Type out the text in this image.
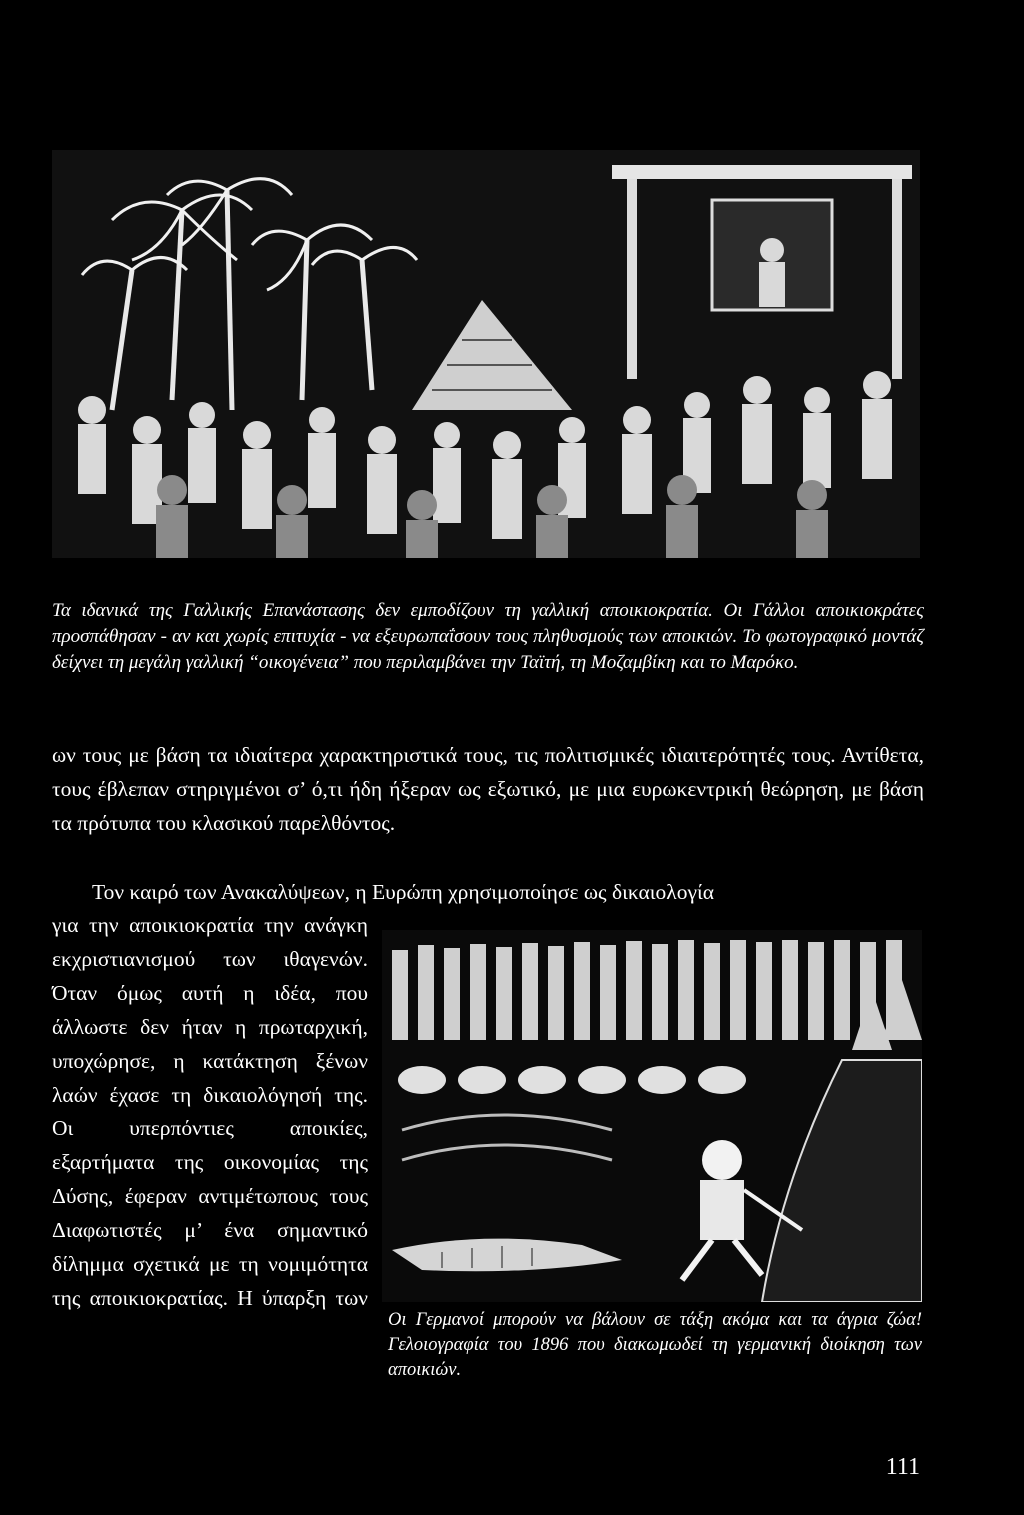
Τα ιδανικά της Γαλλικής Επανάστασης δεν εμποδίζουν τη γαλλική αποικιοκρατία. Οι Γάλλοι αποικιοκράτες προσπάθησαν - αν και χωρίς επιτυχία - να εξευρωπαΐσουν τους πληθυσμούς των αποικιών. Το φωτογραφικό μοντάζ δείχνει τη μεγάλη γαλλική “οικογένεια” που περιλαμβάνει την Ταϊτή, τη Μοζαμβίκη και το Μαρόκο.

ων τους με βάση τα ιδιαίτερα χαρακτηριστικά τους, τις πολιτισμικές ιδιαιτερότητές τους. Αντίθετα, τους έβλεπαν στηριγμένοι σ’ ό,τι ήδη ήξεραν ως εξωτικό, με μια ευρωκεντρική θεώρηση, με βάση τα πρότυπα του κλασικού παρελθόντος.

Τον καιρό των Ανακαλύψεων, η Ευρώπη χρησιμοποίησε ως δικαιολογία

για την αποικιοκρατία την ανάγκη εκχριστιανισμού των ιθαγενών. Όταν όμως αυτή η ιδέα, που άλλωστε δεν ήταν η πρωταρχική, υποχώρησε, η κατάκτηση ξένων λαών έχασε τη δικαιολόγησή της. Οι υπερπόντιες αποικίες, εξαρτήματα της οικονομίας της Δύσης, έφεραν αντιμέτωπους τους Διαφωτιστές μ’ ένα σημαντικό δίλημμα σχετικά με τη νομιμότητα της αποικιοκρατίας. Η ύπαρξη των

Οι Γερμανοί μπορούν να βάλουν σε τάξη ακόμα και τα άγρια ζώα! Γελοιογραφία του 1896 που διακωμωδεί τη γερμανική διοίκηση των αποικιών.

111
